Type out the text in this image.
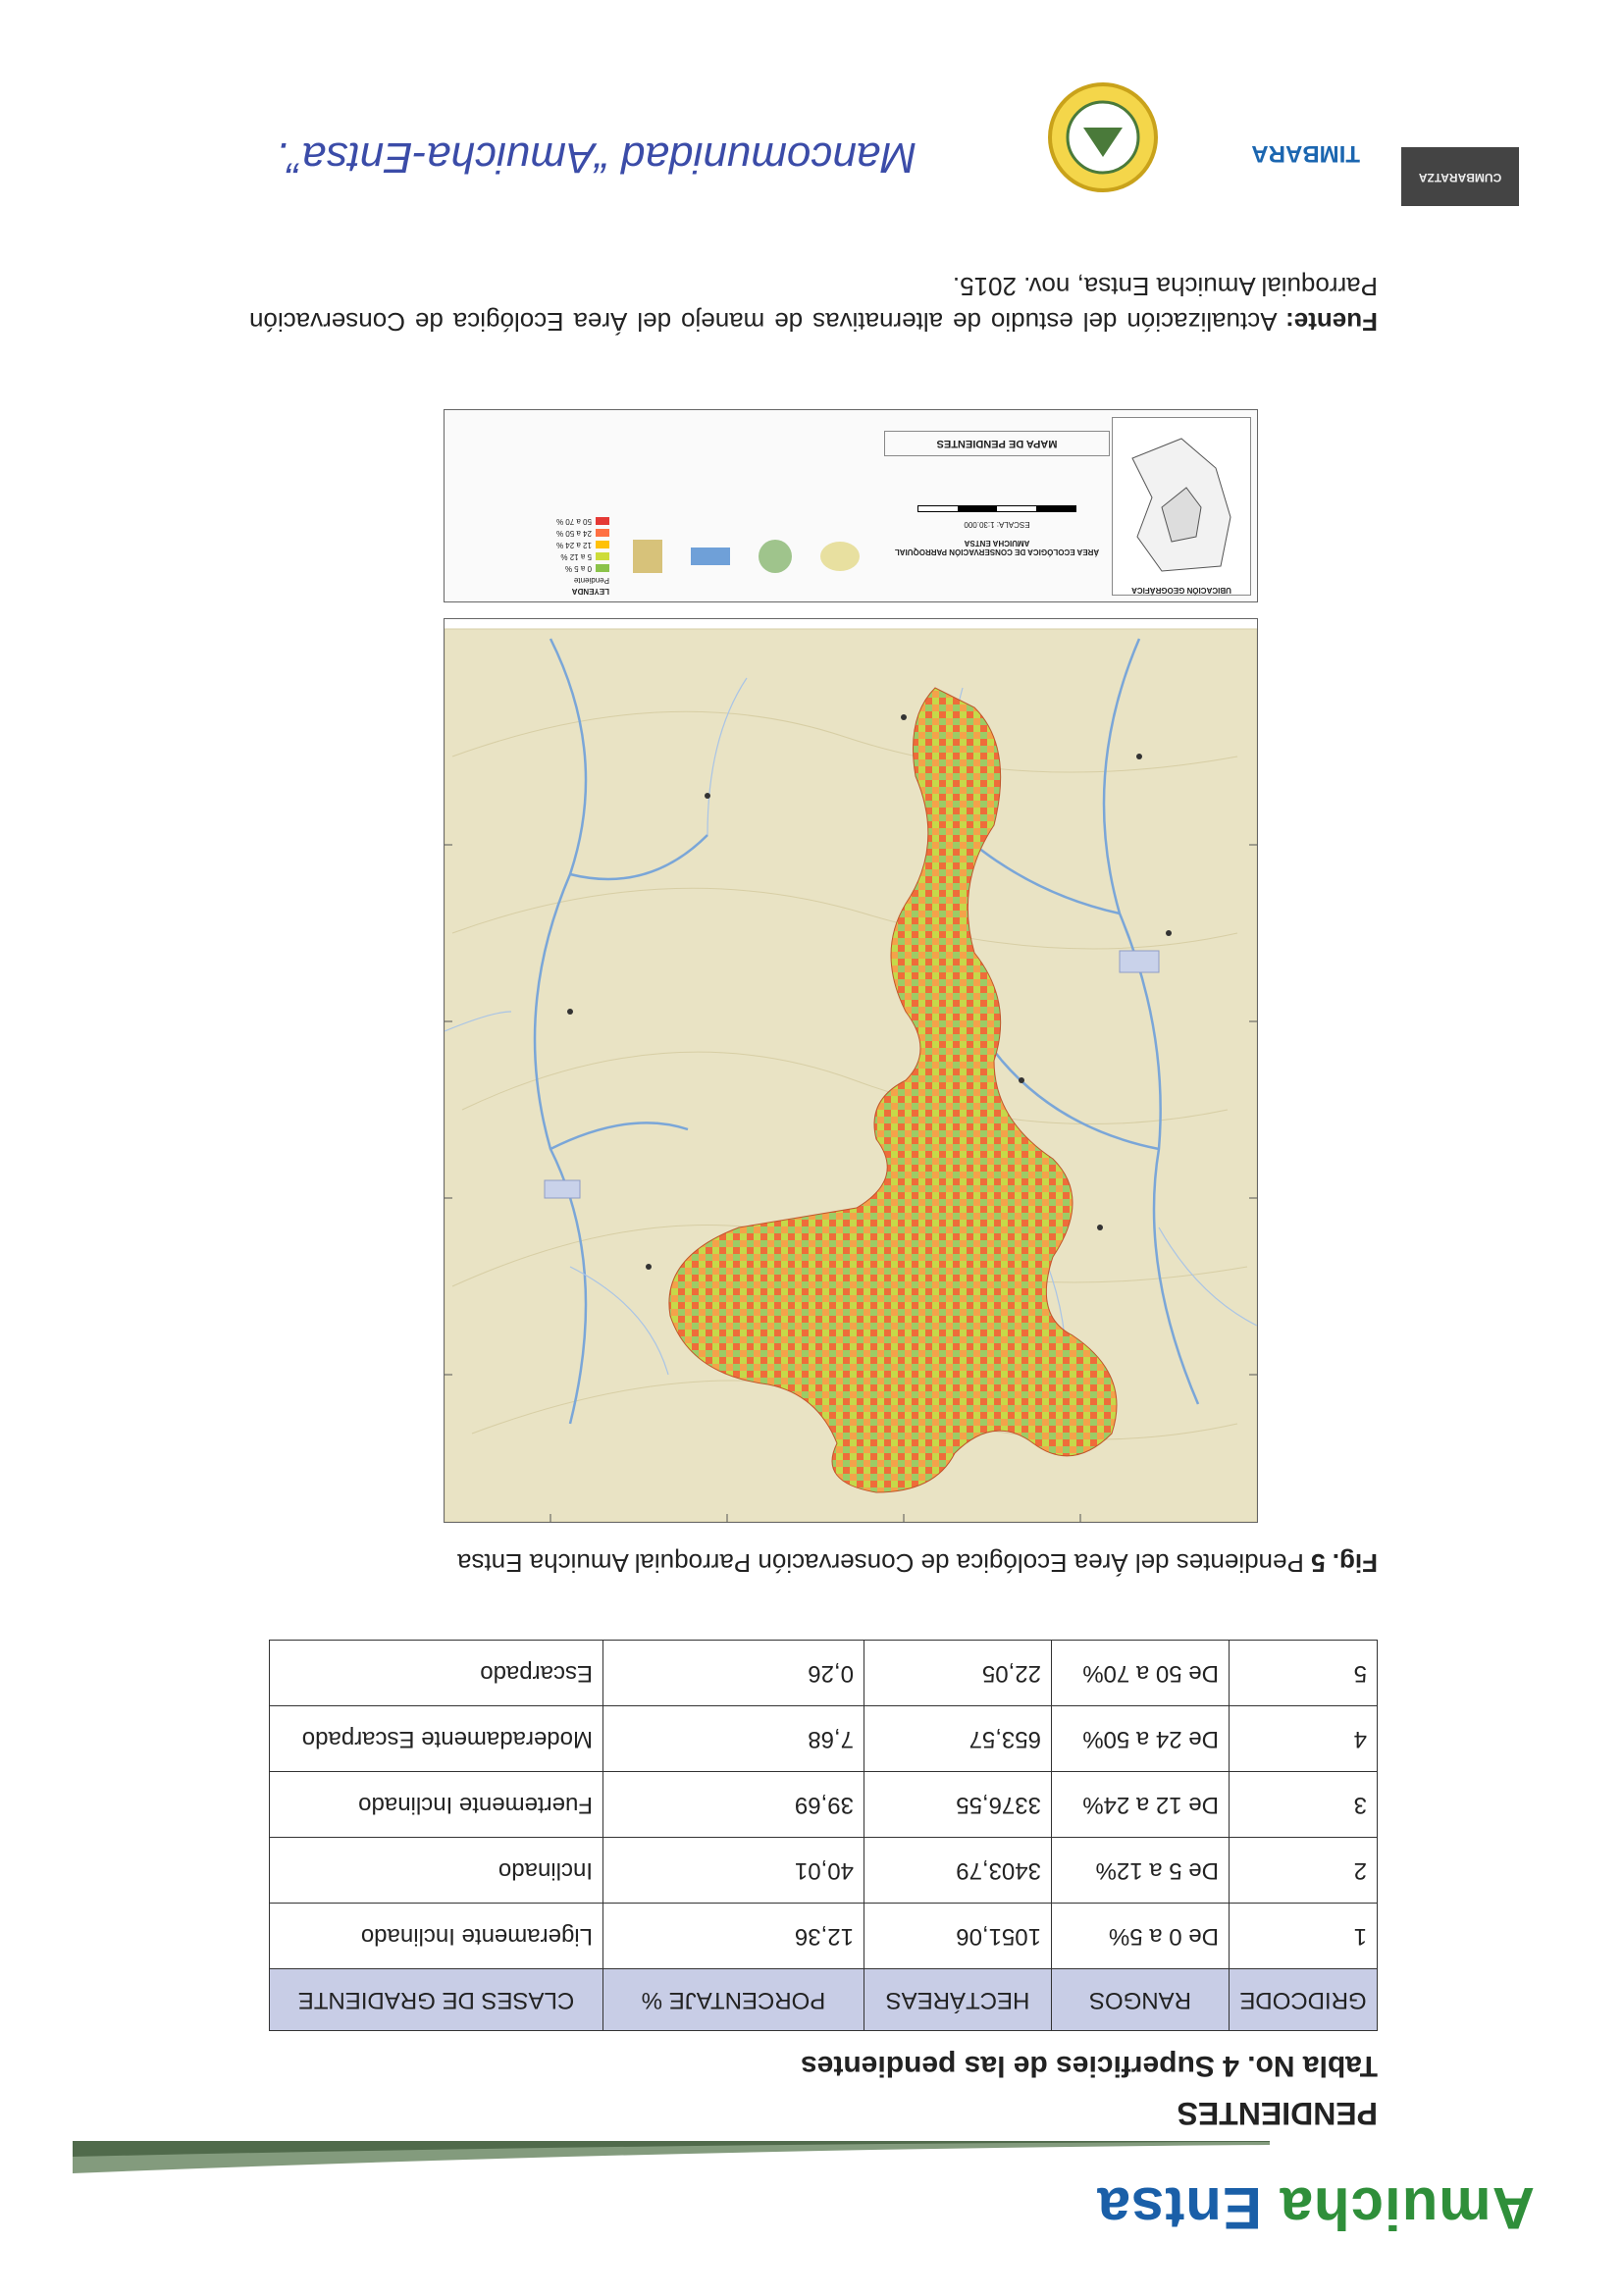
Amuicha Entsa
PENDIENTES
Tabla No. 4 Superficies de las pendientes
GRIDCODE	RANGOS	HECTÁREAS	PORCENTAJE %	CLASES DE GRADIENTE
1	De 0 a 5%	1051,06	12,36	Ligeramente Inclinado
2	De 5 a 12%	3403,79	40,01	Inclinado
3	De 12 a 24%	3376,55	39,69	Fuertemente Inclinado
4	De 24 a 50%	653,57	7,68	Moderadamente Escarpado
5	De 50 a 70%	22,05	0,26	Escarpado
Fig. 5 Pendientes del Área Ecológica de Conservación Parroquial Amuicha Entsa
UBICACIÓN GEOGRÁFICA
ÁREA ECOLÓGICA DE CONSERVACIÓN PARROQUIAL AMUICHA ENTSA
ESCALA: 1:30.000
MAPA DE PENDIENTES
LEYENDA
Pendiente
0 a 5 %
5 a 12 %
12 a 24 %
24 a 50 %
50 a 70 %
Fuente: Actualización del estudio de alternativas de manejo del Área Ecológica de Conservación Parroquial Amuicha Entsa, nov. 2015.
CUMBARATZA
TIMBARA
Mancomunidad “Amuicha-Entsa”.
